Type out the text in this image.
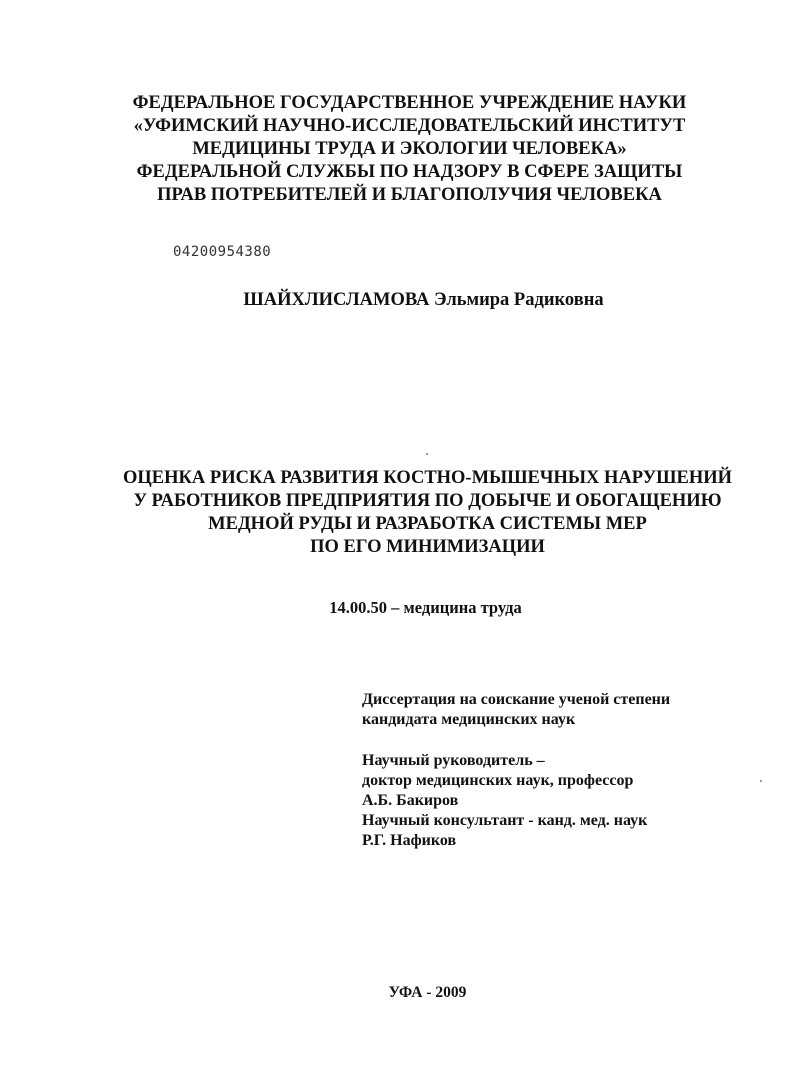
ФЕДЕРАЛЬНОЕ ГОСУДАРСТВЕННОЕ УЧРЕЖДЕНИЕ НАУКИ
«УФИМСКИЙ НАУЧНО-ИССЛЕДОВАТЕЛЬСКИЙ ИНСТИТУТ
МЕДИЦИНЫ ТРУДА И ЭКОЛОГИИ ЧЕЛОВЕКА»
ФЕДЕРАЛЬНОЙ СЛУЖБЫ ПО НАДЗОРУ В СФЕРЕ ЗАЩИТЫ
ПРАВ ПОТРЕБИТЕЛЕЙ И БЛАГОПОЛУЧИЯ ЧЕЛОВЕКА
04200954380
ШАЙХЛИСЛАМОВА Эльмира Радиковна
ОЦЕНКА РИСКА РАЗВИТИЯ КОСТНО-МЫШЕЧНЫХ НАРУШЕНИЙ
У РАБОТНИКОВ ПРЕДПРИЯТИЯ ПО ДОБЫЧЕ И ОБОГАЩЕНИЮ
МЕДНОЙ РУДЫ И РАЗРАБОТКА СИСТЕМЫ МЕР
ПО ЕГО МИНИМИЗАЦИИ
14.00.50 – медицина труда
Диссертация на соискание ученой степени
кандидата медицинских наук
Научный руководитель –
доктор медицинских наук, профессор
А.Б. Бакиров
Научный консультант - канд. мед. наук
Р.Г. Нафиков
УФА - 2009
